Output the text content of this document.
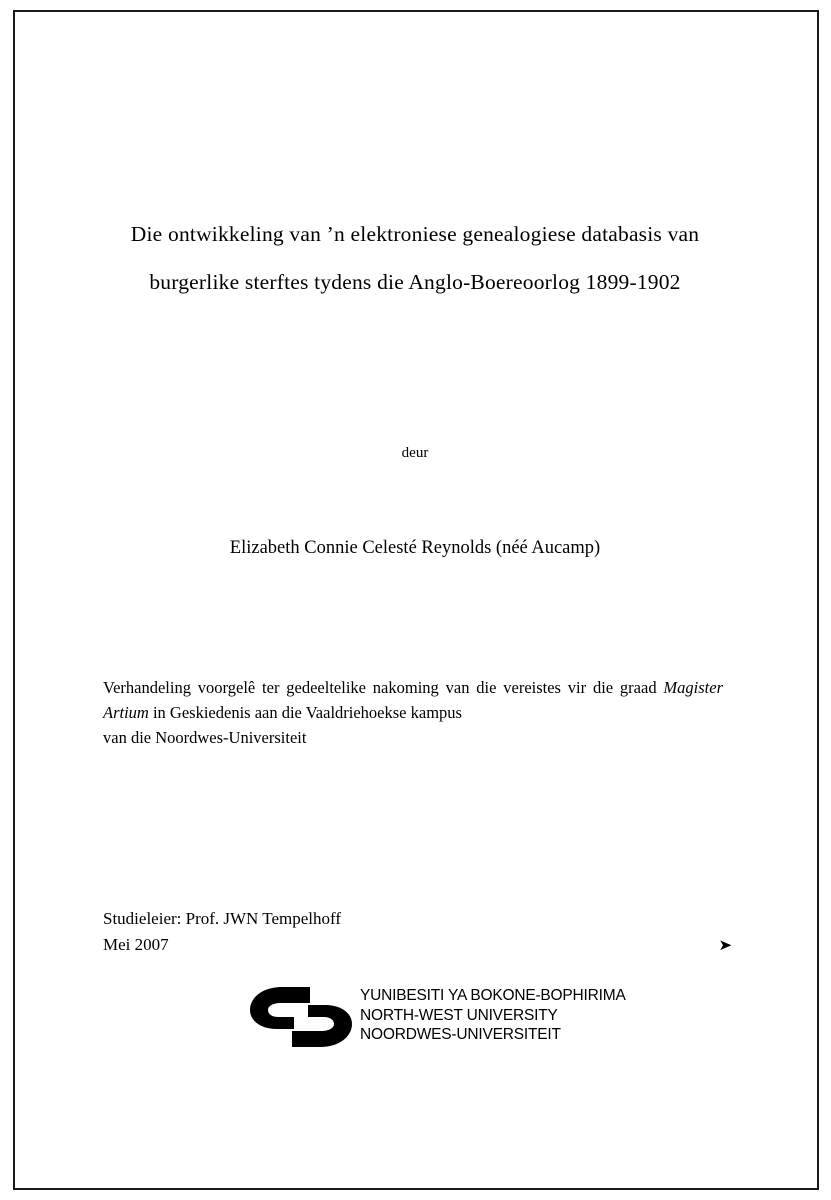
Die ontwikkeling van ’n elektroniese genealogiese databasis van
burgerlike sterftes tydens die Anglo-Boereoorlog 1899-1902
deur
Elizabeth Connie Celesté Reynolds (néé Aucamp)
Verhandeling voorgelê ter gedeeltelike nakoming van die vereistes vir die graad Magister Artium in Geskiedenis aan die Vaaldriehoekse kampus
van die Noordwes-Universiteit
Studieleier: Prof. JWN Tempelhoff
Mei 2007	➤
YUNIBESITI YA BOKONE-BOPHIRIMA
NORTH-WEST UNIVERSITY
NOORDWES-UNIVERSITEIT
